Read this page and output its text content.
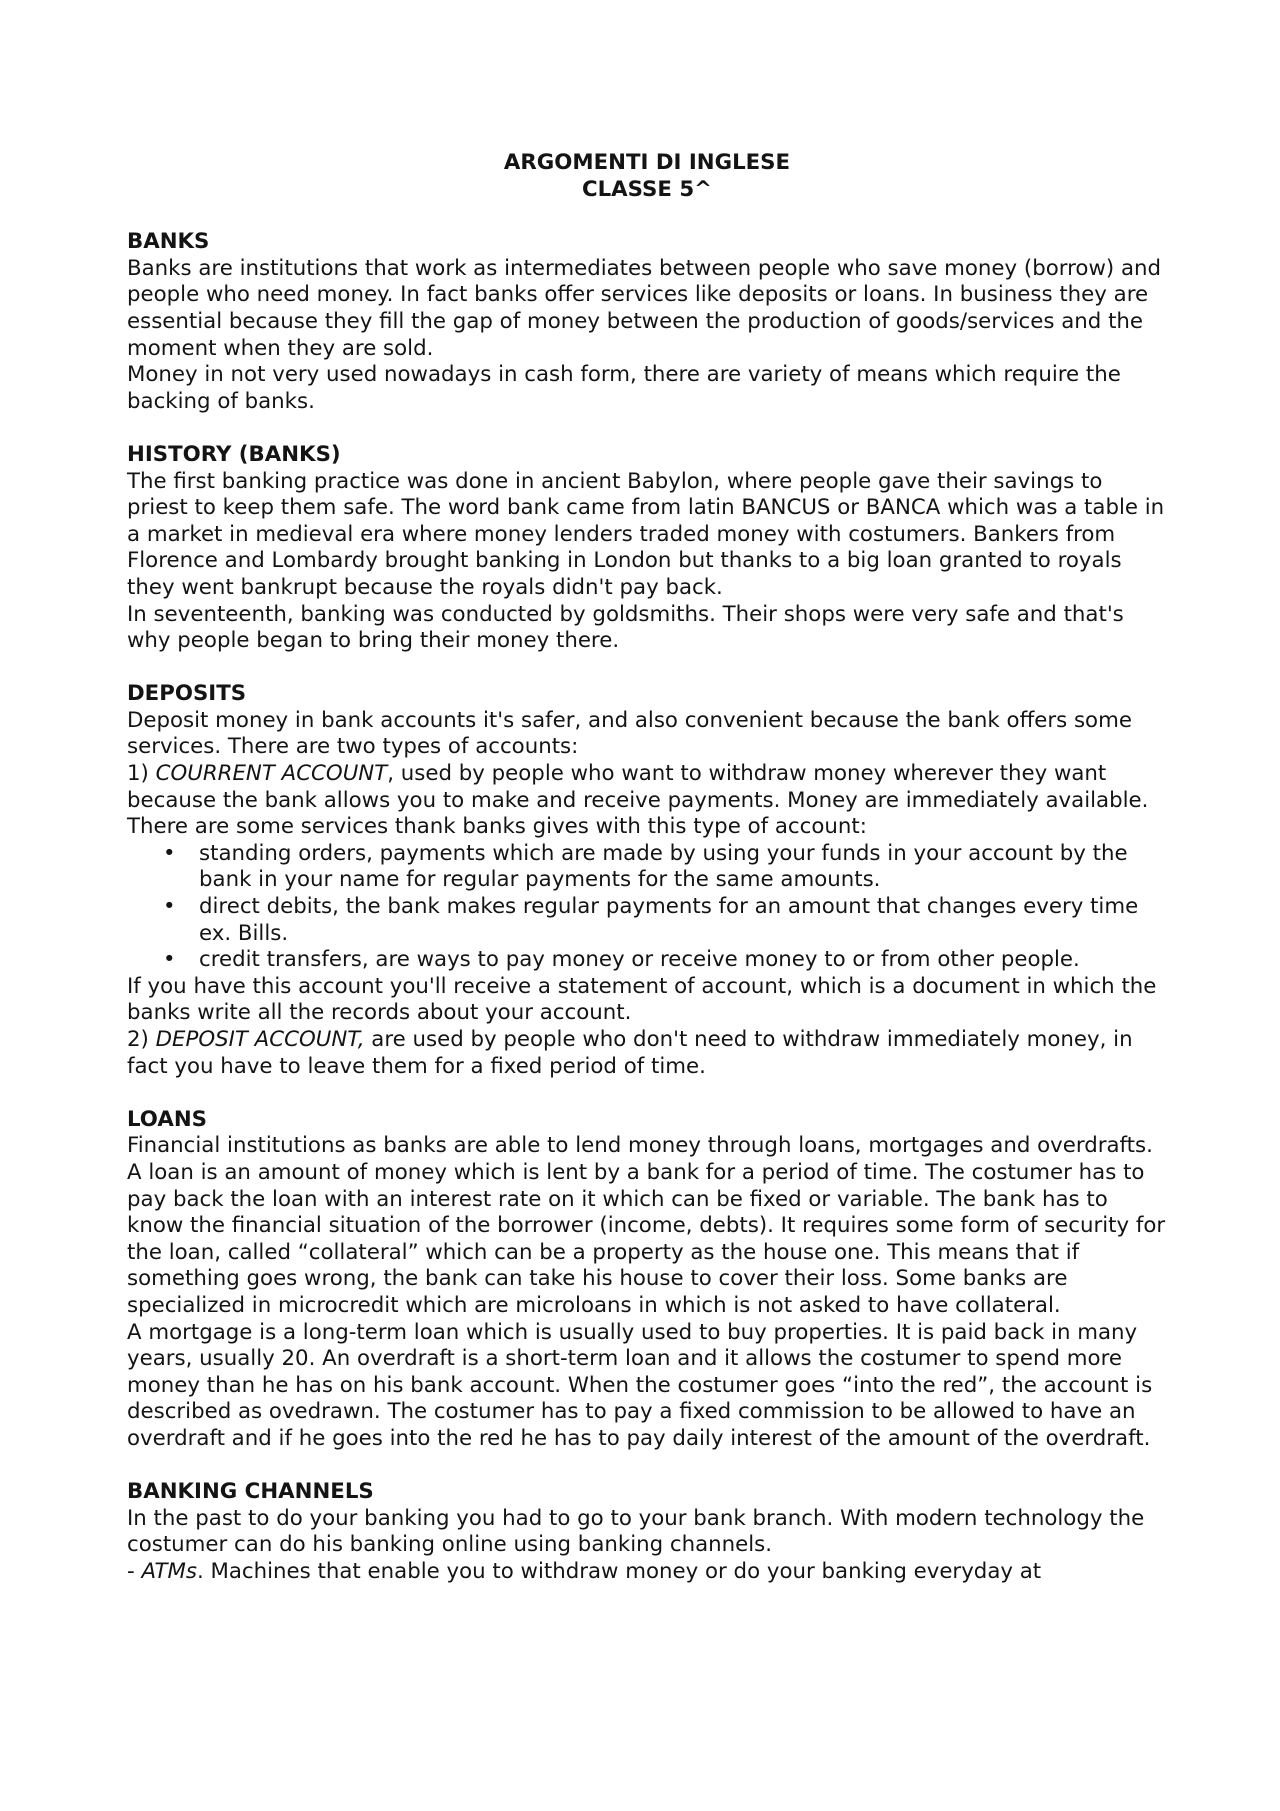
ARGOMENTI DI INGLESE
CLASSE 5^
BANKS

Banks are institutions that work as intermediates between people who save money (borrow) and people who need money. In fact banks offer services like deposits or loans. In business they are essential because they fill the gap of money between the production of goods/services and the moment when they are sold.

Money in not very used nowadays in cash form, there are variety of means which require the backing of banks.

HISTORY (BANKS)

The first banking practice was done in ancient Babylon, where people gave their savings to priest to keep them safe. The word bank came from latin BANCUS or BANCA which was a table in a market in medieval era where money lenders traded money with costumers. Bankers from Florence and Lombardy brought banking in London but thanks to a big loan granted to royals they went bankrupt because the royals didn't pay back.

In seventeenth, banking was conducted by goldsmiths. Their shops were very safe and that's why people began to bring their money there.

DEPOSITS

Deposit money in bank accounts it's safer, and also convenient because the bank offers some services. There are two types of accounts:

1) COURRENT ACCOUNT, used by people who want to withdraw money wherever they want because the bank allows you to make and receive payments. Money are immediately available. There are some services thank banks gives with this type of account:

• standing orders, payments which are made by using your funds in your account by the bank in your name for regular payments for the same amounts.
• direct debits, the bank makes regular payments for an amount that changes every time ex. Bills.
• credit transfers, are ways to pay money or receive money to or from other people.

If you have this account you'll receive a statement of account, which is a document in which the banks write all the records about your account.

2) DEPOSIT ACCOUNT, are used by people who don't need to withdraw immediately money, in fact you have to leave them for a fixed period of time.

LOANS

Financial institutions as banks are able to lend money through loans, mortgages and overdrafts.

A loan is an amount of money which is lent by a bank for a period of time. The costumer has to pay back the loan with an interest rate on it which can be fixed or variable. The bank has to know the financial situation of the borrower (income, debts). It requires some form of security for the loan, called “collateral” which can be a property as the house one. This means that if something goes wrong, the bank can take his house to cover their loss. Some banks are specialized in microcredit which are microloans in which is not asked to have collateral.

A mortgage is a long-term loan which is usually used to buy properties. It is paid back in many years, usually 20. An overdraft is a short-term loan and it allows the costumer to spend more money than he has on his bank account. When the costumer goes “into the red”, the account is described as ovedrawn. The costumer has to pay a fixed commission to be allowed to have an overdraft and if he goes into the red he has to pay daily interest of the amount of the overdraft.

BANKING CHANNELS

In the past to do your banking you had to go to your bank branch. With modern technology the costumer can do his banking online using banking channels.

- ATMs. Machines that enable you to withdraw money or do your banking everyday at
